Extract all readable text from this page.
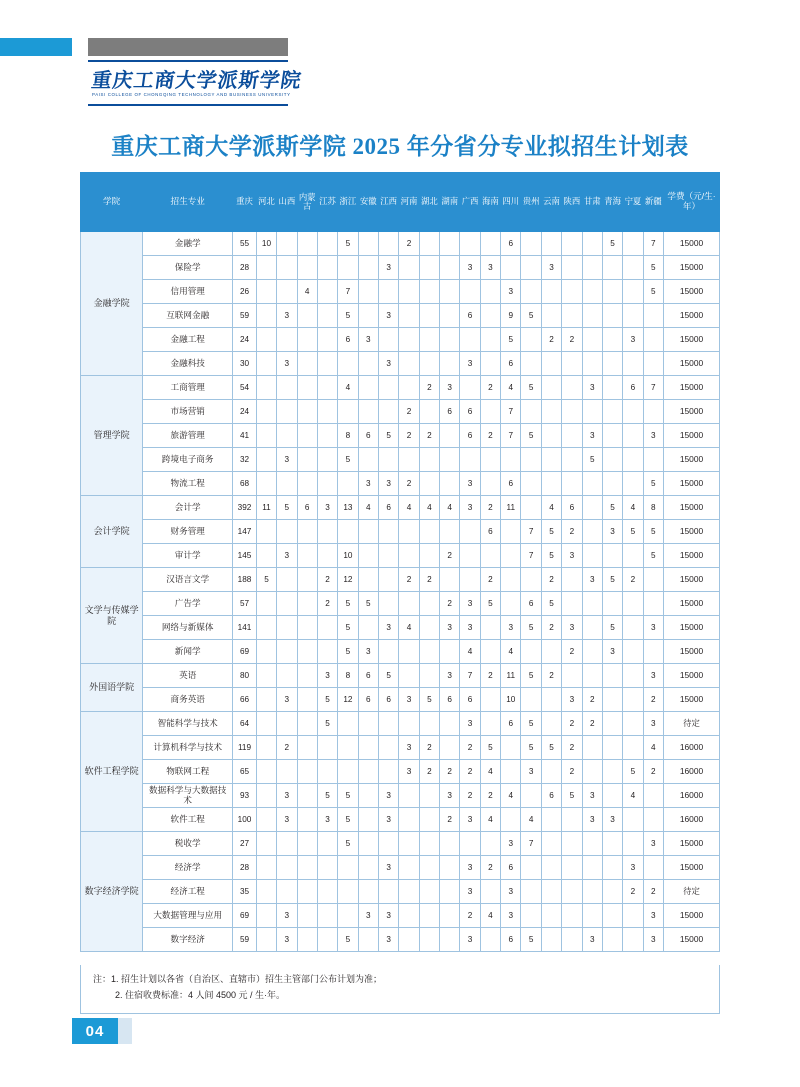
重庆工商大学派斯学院
PAISI COLLEGE OF CHONGQING TECHNOLOGY AND BUSINESS UNIVERSITY
重庆工商大学派斯学院 2025 年分省分专业拟招生计划表
学院	招生专业	重庆	河北	山西	内蒙古	江苏	浙江	安徽	江西	河南	湖北	湖南	广西	海南	四川	贵州	云南	陕西	甘肃	青海	宁夏	新疆	学费（元/生·年）
金融学院	金融学	55	10				5			2					6					5		7	15000
	保险学	28							3				3	3			3					5	15000
	信用管理	26			4		7								3							5	15000
	互联网金融	59		3			5		3				6		9	5							15000
	金融工程	24					6	3							5		2	2			3		15000
	金融科技	30		3					3				3		6								15000
管理学院	工商管理	54					4				2	3		2	4	5			3		6	7	15000
	市场营销	24								2		6	6		7								15000
	旅游管理	41					8	6	5	2	2		6	2	7	5			3			3	15000
	跨境电子商务	32		3			5												5				15000
	物流工程	68						3	3	2			3		6							5	15000
会计学院	会计学	392	11	5	6	3	13	4	6	4	4	4	3	2	11		4	6		5	4	8	15000
	财务管理	147												6		7	5	2		3	5	5	15000
	审计学	145		3			10					2				7	5	3				5	15000
文学与传媒学院	汉语言文学	188	5			2	12			2	2			2			2		3	5	2		15000
	广告学	57				2	5	5				2	3	5		6	5						15000
	网络与新媒体	141					5		3	4		3	3		3	5	2	3		5		3	15000
	新闻学	69					5	3					4		4			2		3			15000
外国语学院	英语	80				3	8	6	5			3	7	2	11	5	2					3	15000
	商务英语	66		3		5	12	6	6	3	5	6	6		10			3	2			2	15000
软件工程学院	智能科学与技术	64				5							3		6	5		2	2			3	待定
	计算机科学与技术	119		2						3	2		2	5		5	5	2				4	16000
	物联网工程	65								3	2	2	2	4		3		2			5	2	16000
	数据科学与大数据技术	93		3		5	5		3			3	2	2	4		6	5	3		4		16000
	软件工程	100		3		3	5		3			2	3	4		4			3	3			16000
数字经济学院	税收学	27					5								3	7						3	15000
	经济学	28							3				3	2	6						3		15000
	经济工程	35											3		3						2	2	待定
	大数据管理与应用	69		3				3	3				2	4	3							3	15000
	数字经济	59		3			5		3				3		6	5			3			3	15000
注：1. 招生计划以各省（自治区、直辖市）招生主管部门公布计划为准；
2. 住宿收费标准：4 人间 4500 元 / 生·年。
04
